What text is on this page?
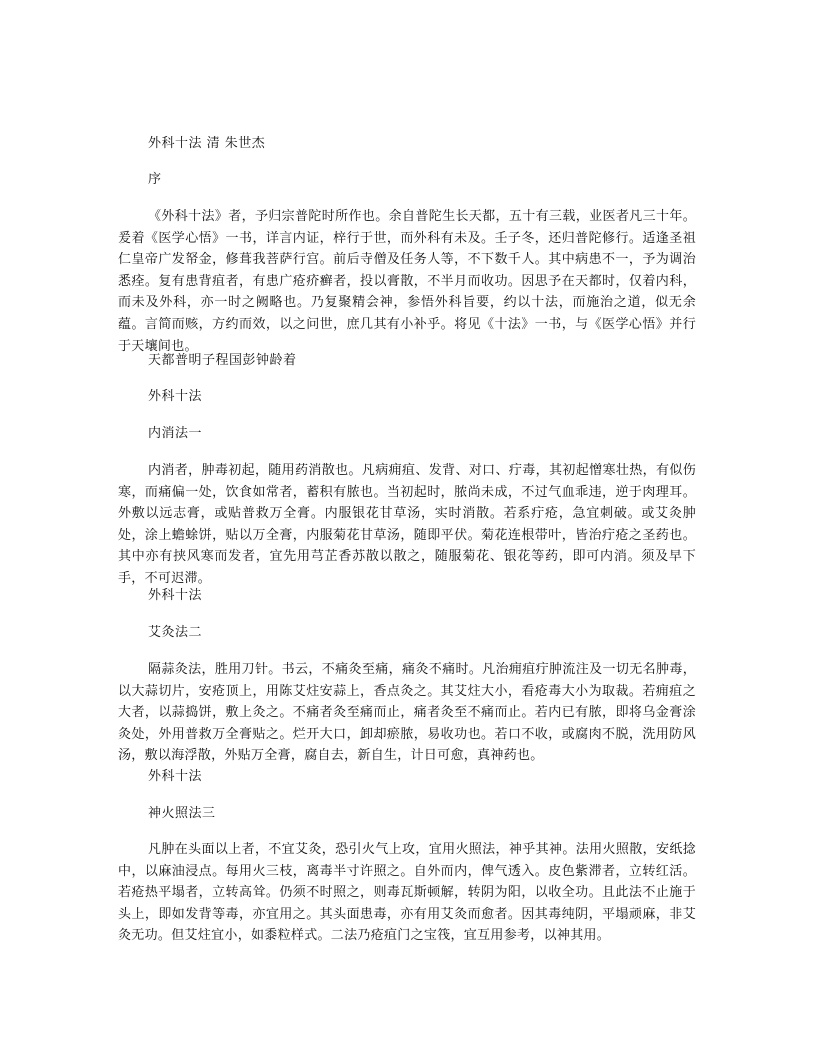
外科十法 清 朱世杰
序
《外科十法》者，予归宗普陀时所作也。余自普陀生长天都，五十有三载，业医者凡三十年。爰着《医学心悟》一书，详言内证，梓行于世，而外科有未及。壬子冬，还归普陀修行。适逢圣祖仁皇帝广发帑金，修葺我菩萨行宫。前后寺僧及任务人等，不下数千人。其中病患不一，予为调治悉痊。复有患背疽者，有患广疮疥癣者，投以膏散，不半月而收功。因思予在天都时，仅着内科，而未及外科，亦一时之阙略也。乃复聚精会神，参悟外科旨要，约以十法，而施治之道，似无余蕴。言简而赅，方约而效，以之问世，庶几其有小补乎。将见《十法》一书，与《医学心悟》并行于天壤间也。
天都普明子程国彭钟龄着
外科十法
内消法一
内消者，肿毒初起，随用药消散也。凡病痈疽、发背、对口、疔毒，其初起憎寒壮热，有似伤寒，而痛偏一处，饮食如常者，蓄积有脓也。当初起时，脓尚未成，不过气血乖违，逆于肉理耳。外敷以远志膏，或贴普救万全膏。内服银花甘草汤，实时消散。若系疔疮，急宜刺破。或艾灸肿处，涂上蟾蜍饼，贴以万全膏，内服菊花甘草汤，随即平伏。菊花连根带叶，皆治疔疮之圣药也。其中亦有挟风寒而发者，宜先用芎芷香苏散以散之，随服菊花、银花等药，即可内消。须及早下手，不可迟滞。
外科十法
艾灸法二
隔蒜灸法，胜用刀针。书云，不痛灸至痛，痛灸不痛时。凡治痈疽疔肿流注及一切无名肿毒，以大蒜切片，安疮顶上，用陈艾炷安蒜上，香点灸之。其艾炷大小，看疮毒大小为取裁。若痈疽之大者，以蒜捣饼，敷上灸之。不痛者灸至痛而止，痛者灸至不痛而止。若内已有脓，即将乌金膏涂灸处，外用普救万全膏贴之。烂开大口，卸却瘀脓，易收功也。若口不收，或腐肉不脱，洗用防风汤，敷以海浮散，外贴万全膏，腐自去，新自生，计日可愈，真神药也。
外科十法
神火照法三
凡肿在头面以上者，不宜艾灸，恐引火气上攻，宜用火照法，神乎其神。法用火照散，安纸捻中，以麻油浸点。每用火三枝，离毒半寸许照之。自外而内，俾气透入。皮色紫滞者，立转红活。若疮热平塌者，立转高耸。仍须不时照之，则毒瓦斯顿解，转阴为阳，以收全功。且此法不止施于头上，即如发背等毒，亦宜用之。其头面患毒，亦有用艾灸而愈者。因其毒纯阴，平塌顽麻，非艾灸无功。但艾炷宜小，如黍粒样式。二法乃疮疽门之宝筏，宜互用参考，以神其用。
